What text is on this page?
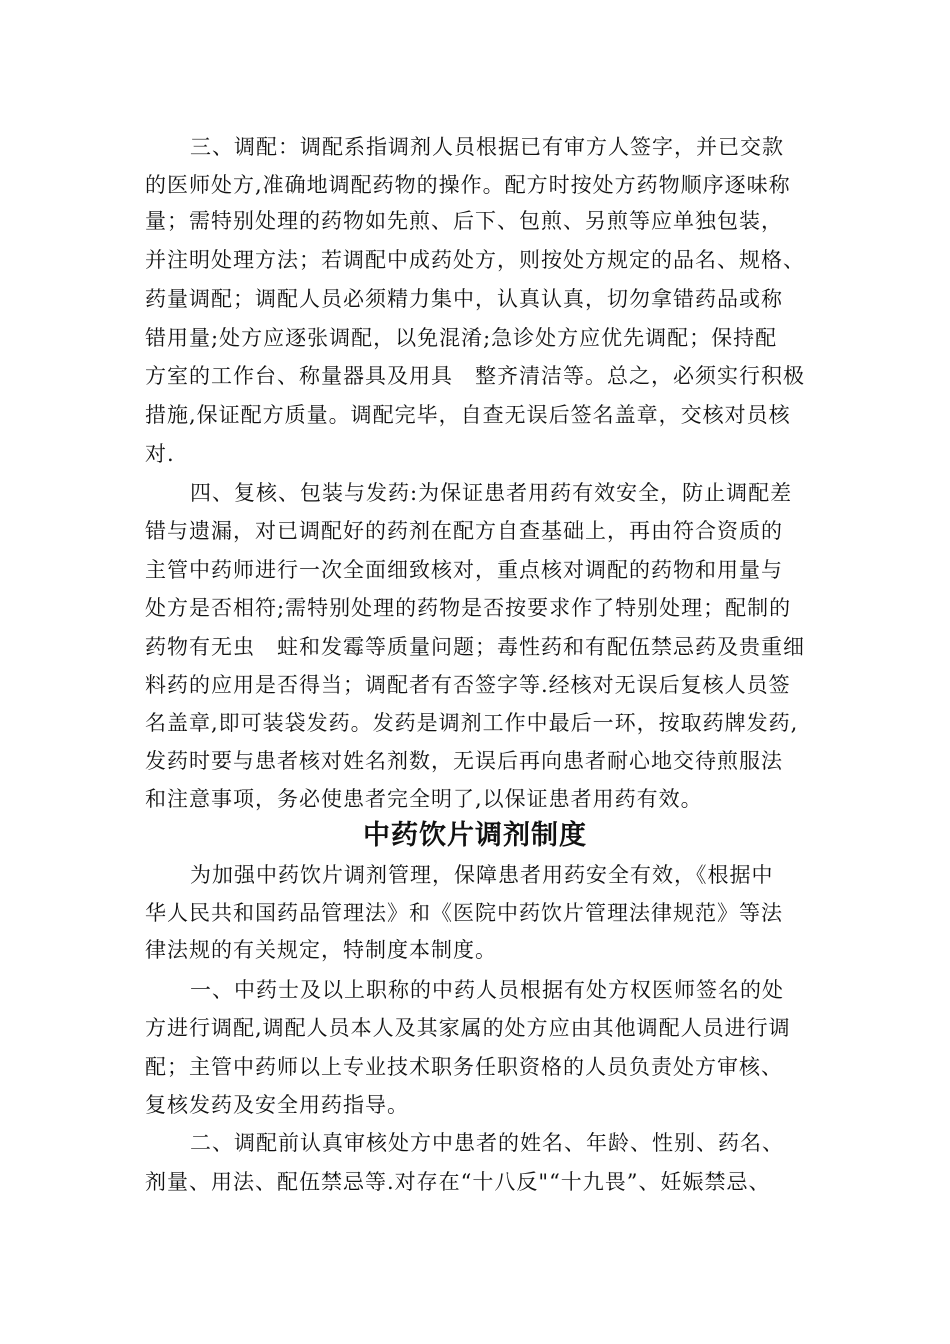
三、调配：调配系指调剂人员根据已有审方人签字，并已交款
的医师处方,准确地调配药物的操作。配方时按处方药物顺序逐味称
量；需特别处理的药物如先煎、后下、包煎、另煎等应单独包装，
并注明处理方法；若调配中成药处方，则按处方规定的品名、规格、
药量调配；调配人员必须精力集中，认真认真，切勿拿错药品或称
错用量;处方应逐张调配，以免混淆;急诊处方应优先调配；保持配
方室的工作台、称量器具及用具　整齐清洁等。总之，必须实行积极
措施,保证配方质量。调配完毕，自查无误后签名盖章，交核对员核
对.
四、复核、包装与发药:为保证患者用药有效安全，防止调配差
错与遗漏，对已调配好的药剂在配方自查基础上，再由符合资质的
主管中药师进行一次全面细致核对，重点核对调配的药物和用量与
处方是否相符;需特别处理的药物是否按要求作了特别处理；配制的
药物有无虫　蛀和发霉等质量问题；毒性药和有配伍禁忌药及贵重细
料药的应用是否得当；调配者有否签字等.经核对无误后复核人员签
名盖章,即可装袋发药。发药是调剂工作中最后一环，按取药牌发药,
发药时要与患者核对姓名剂数，无误后再向患者耐心地交待煎服法
和注意事项，务必使患者完全明了,以保证患者用药有效。
中药饮片调剂制度
为加强中药饮片调剂管理，保障患者用药安全有效，《根据中
华人民共和国药品管理法》和《医院中药饮片管理法律规范》等法
律法规的有关规定，特制度本制度。
一、中药士及以上职称的中药人员根据有处方权医师签名的处
方进行调配,调配人员本人及其家属的处方应由其他调配人员进行调
配；主管中药师以上专业技术职务任职资格的人员负责处方审核、
复核发药及安全用药指导。
二、调配前认真审核处方中患者的姓名、年龄、性别、药名、
剂量、用法、配伍禁忌等.对存在“十八反"“十九畏”、妊娠禁忌、
